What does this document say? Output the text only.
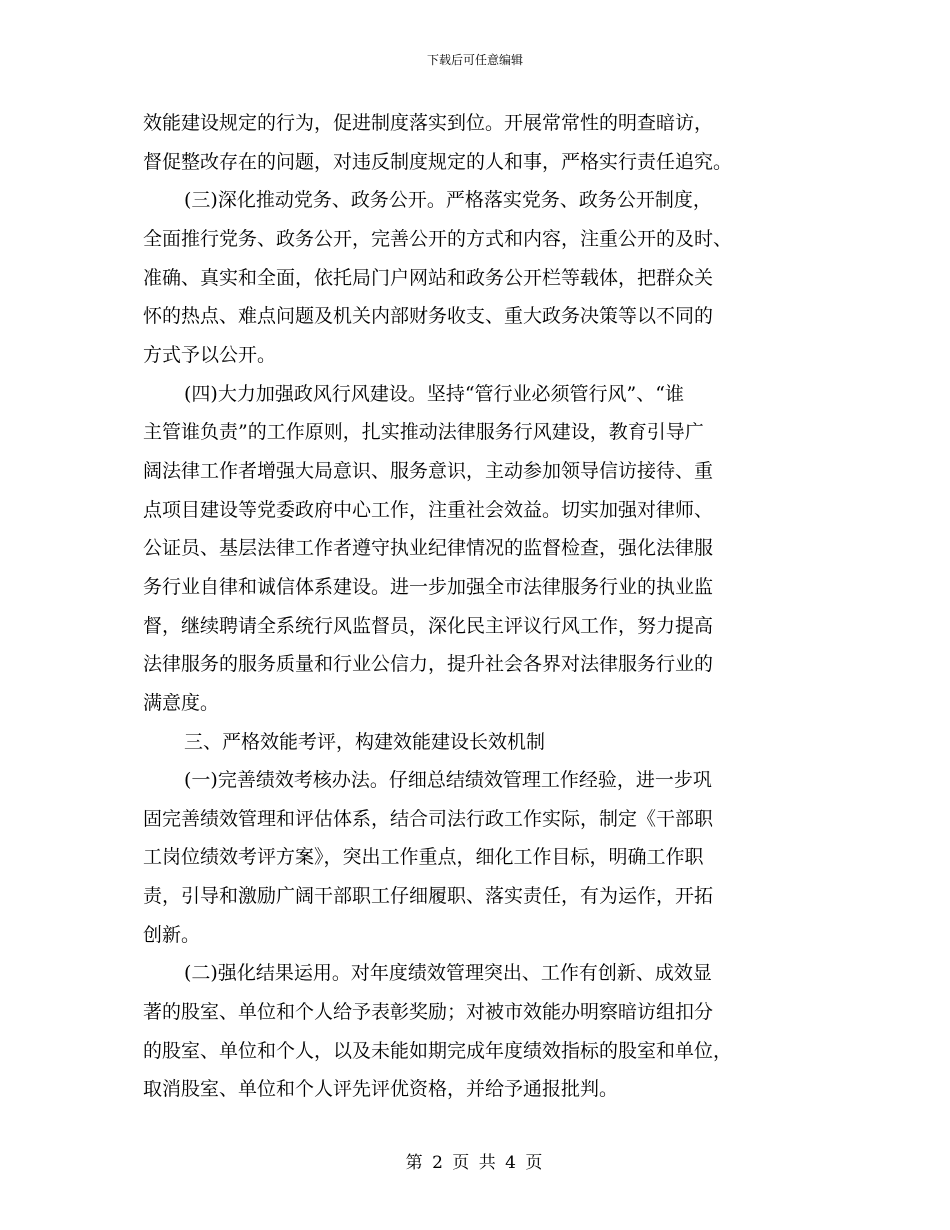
下载后可任意编辑
效能建设规定的行为，促进制度落实到位。开展常常性的明查暗访，
督促整改存在的问题，对违反制度规定的人和事，严格实行责任追究。
(三)深化推动党务、政务公开。严格落实党务、政务公开制度，
全面推行党务、政务公开，完善公开的方式和内容，注重公开的及时、
准确、真实和全面，依托局门户网站和政务公开栏等载体，把群众关
怀的热点、难点问题及机关内部财务收支、重大政务决策等以不同的
方式予以公开。
(四)大力加强政风行风建设。坚持“管行业必须管行风”、“谁
主管谁负责”的工作原则，扎实推动法律服务行风建设，教育引导广
阔法律工作者增强大局意识、服务意识，主动参加领导信访接待、重
点项目建设等党委政府中心工作，注重社会效益。切实加强对律师、
公证员、基层法律工作者遵守执业纪律情况的监督检查，强化法律服
务行业自律和诚信体系建设。进一步加强全市法律服务行业的执业监
督，继续聘请全系统行风监督员，深化民主评议行风工作，努力提高
法律服务的服务质量和行业公信力，提升社会各界对法律服务行业的
满意度。
三、严格效能考评，构建效能建设长效机制
(一)完善绩效考核办法。仔细总结绩效管理工作经验，进一步巩
固完善绩效管理和评估体系，结合司法行政工作实际，制定《干部职
工岗位绩效考评方案》，突出工作重点，细化工作目标，明确工作职
责，引导和激励广阔干部职工仔细履职、落实责任，有为运作，开拓
创新。
(二)强化结果运用。对年度绩效管理突出、工作有创新、成效显
著的股室、单位和个人给予表彰奖励；对被市效能办明察暗访组扣分
的股室、单位和个人，以及未能如期完成年度绩效指标的股室和单位，
取消股室、单位和个人评先评优资格，并给予通报批判。
第 2 页 共 4 页
